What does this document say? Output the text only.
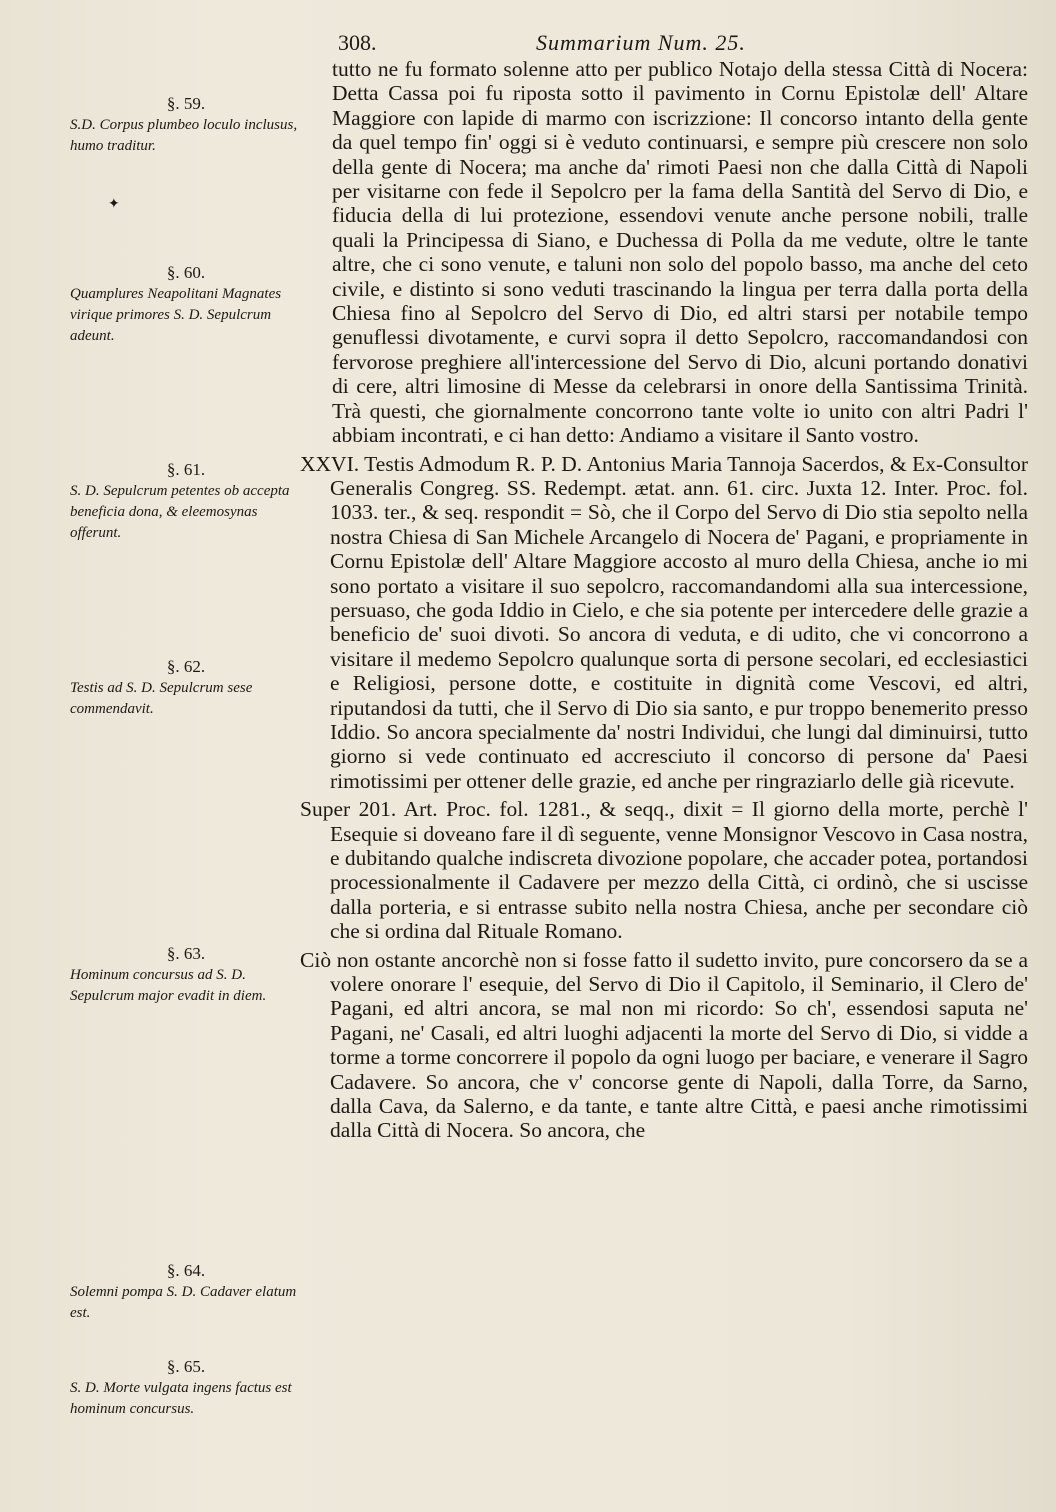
308.	Summarium Num. 25.
§. 59.
S.D. Corpus plumbeo loculo inclusus, humo traditur.
✦
§. 60.
Quamplures Neapolitani Magnates virique primores S. D. Sepulcrum adeunt.
§. 61.
S. D. Sepulcrum petentes ob accepta beneficia dona, & eleemosynas offerunt.
§. 62.
Testis ad S. D. Sepulcrum sese commendavit.
§. 63.
Hominum concursus ad S. D. Sepulcrum major evadit in diem.
§. 64.
Solemni pompa S. D. Cadaver elatum est.
§. 65.
S. D. Morte vulgata ingens factus est hominum concursus.

tutto ne fu formato solenne atto per publico Notajo della stessa Città di Nocera: Detta Cassa poi fu riposta sotto il pavimento in Cornu Epistolæ dell' Altare Maggiore con lapide di marmo con iscrizzione: Il concorso intanto della gente da quel tempo fin' oggi si è veduto continuarsi, e sempre più crescere non solo della gente di Nocera; ma anche da' rimoti Paesi non che dalla Città di Napoli per visitarne con fede il Sepolcro per la fama della Santità del Servo di Dio, e fiducia della di lui protezione, essendovi venute anche persone nobili, tralle quali la Principessa di Siano, e Duchessa di Polla da me vedute, oltre le tante altre, che ci sono venute, e taluni non solo del popolo basso, ma anche del ceto civile, e distinto si sono veduti trascinando la lingua per terra dalla porta della Chiesa fino al Sepolcro del Servo di Dio, ed altri starsi per notabile tempo genuflessi divotamente, e curvi sopra il detto Sepolcro, raccomandandosi con fervorose preghiere all'intercessione del Servo di Dio, alcuni portando donativi di cere, altri limosine di Messe da celebrarsi in onore della Santissima Trinità. Trà questi, che giornalmente concorrono tante volte io unito con altri Padri l' abbiam incontrati, e ci han detto: Andiamo a visitare il Santo vostro.

XXVI. Testis Admodum R. P. D. Antonius Maria Tannoja Sacerdos, & Ex-Consultor Generalis Congreg. SS. Redempt. ætat. ann. 61. circ. Juxta 12. Inter. Proc. fol. 1033. ter., & seq. respondit = Sò, che il Corpo del Servo di Dio stia sepolto nella nostra Chiesa di San Michele Arcangelo di Nocera de' Pagani, e propriamente in Cornu Epistolæ dell' Altare Maggiore accosto al muro della Chiesa, anche io mi sono portato a visitare il suo sepolcro, raccomandandomi alla sua intercessione, persuaso, che goda Iddio in Cielo, e che sia potente per intercedere delle grazie a beneficio de' suoi divoti. So ancora di veduta, e di udito, che vi concorrono a visitare il medemo Sepolcro qualunque sorta di persone secolari, ed ecclesiastici e Religiosi, persone dotte, e costituite in dignità come Vescovi, ed altri, riputandosi da tutti, che il Servo di Dio sia santo, e pur troppo benemerito presso Iddio. So ancora specialmente da' nostri Individui, che lungi dal diminuirsi, tutto giorno si vede continuato ed accresciuto il concorso di persone da' Paesi rimotissimi per ottener delle grazie, ed anche per ringraziarlo delle già ricevute.

Super 201. Art. Proc. fol. 1281., & seqq., dixit = Il giorno della morte, perchè l' Esequie si doveano fare il dì seguente, venne Monsignor Vescovo in Casa nostra, e dubitando qualche indiscreta divozione popolare, che accader potea, portandosi processionalmente il Cadavere per mezzo della Città, ci ordinò, che si uscisse dalla porteria, e si entrasse subito nella nostra Chiesa, anche per secondare ciò che si ordina dal Rituale Romano.

Ciò non ostante ancorchè non si fosse fatto il sudetto invito, pure concorsero da se a volere onorare l' esequie, del Servo di Dio il Capitolo, il Seminario, il Clero de' Pagani, ed altri ancora, se mal non mi ricordo: So ch', essendosi saputa ne' Pagani, ne' Casali, ed altri luoghi adjacenti la morte del Servo di Dio, si vidde a torme a torme concorrere il popolo da ogni luogo per baciare, e venerare il Sagro Cadavere. So ancora, che v' concorse gente di Napoli, dalla Torre, da Sarno, dalla Cava, da Salerno, e da tante, e tante altre Città, e paesi anche rimotissimi dalla Città di Nocera. So ancora, che
